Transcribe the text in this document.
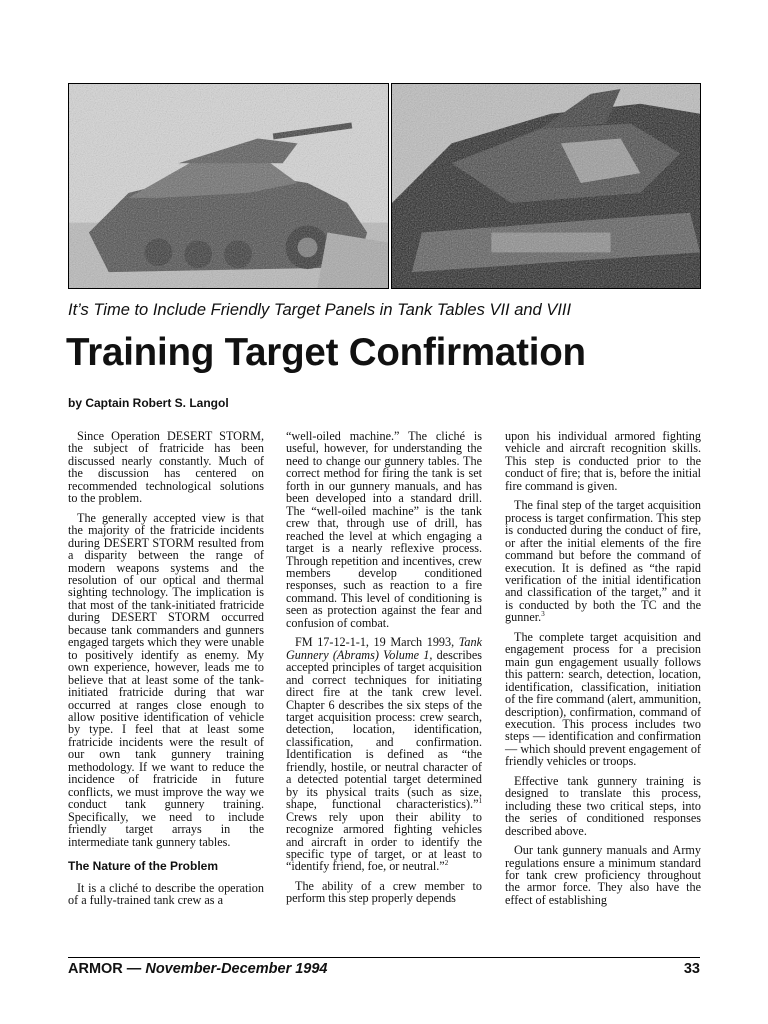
It’s Time to Include Friendly Target Panels in Tank Tables VII and VIII
Training Target Confirmation
by Captain Robert S. Langol

Since Operation DESERT STORM, the subject of fratricide has been discussed nearly constantly. Much of the discussion has centered on recommended technological solutions to the problem.

The generally accepted view is that the majority of the fratricide incidents during DESERT STORM resulted from a disparity between the range of modern weapons systems and the resolution of our optical and thermal sighting technology. The implication is that most of the tank-initiated fratricide during DESERT STORM occurred because tank commanders and gunners engaged targets which they were unable to positively identify as enemy. My own experience, however, leads me to believe that at least some of the tank-initiated fratricide during that war occurred at ranges close enough to allow positive identification of vehicle by type. I feel that at least some fratricide incidents were the result of our own tank gunnery training methodology. If we want to reduce the incidence of fratricide in future conflicts, we must improve the way we conduct tank gunnery training. Specifically, we need to include friendly target arrays in the intermediate tank gunnery tables.

The Nature of the Problem

It is a cliché to describe the operation of a fully-trained tank crew as a

“well-oiled machine.” The cliché is useful, however, for understanding the need to change our gunnery tables. The correct method for firing the tank is set forth in our gunnery manuals, and has been developed into a standard drill. The “well-oiled machine” is the tank crew that, through use of drill, has reached the level at which engaging a target is a nearly reflexive process. Through repetition and incentives, crew members develop conditioned responses, such as reaction to a fire command. This level of conditioning is seen as protection against the fear and confusion of combat.

FM 17-12-1-1, 19 March 1993, Tank Gunnery (Abrams) Volume 1, describes accepted principles of target acquisition and correct techniques for initiating direct fire at the tank crew level. Chapter 6 describes the six steps of the target acquisition process: crew search, detection, location, identification, classification, and confirmation. Identification is defined as “the friendly, hostile, or neutral character of a detected potential target determined by its physical traits (such as size, shape, functional characteristics).”$^1$ Crews rely upon their ability to recognize armored fighting vehicles and aircraft in order to identify the specific type of target, or at least to “identify friend, foe, or neutral.”$^2$

The ability of a crew member to perform this step properly depends

upon his individual armored fighting vehicle and aircraft recognition skills. This step is conducted prior to the conduct of fire; that is, before the initial fire command is given.

The final step of the target acquisition process is target confirmation. This step is conducted during the conduct of fire, or after the initial elements of the fire command but before the command of execution. It is defined as “the rapid verification of the initial identification and classification of the target,” and it is conducted by both the TC and the gunner.$^3$

The complete target acquisition and engagement process for a precision main gun engagement usually follows this pattern: search, detection, location, identification, classification, initiation of the fire command (alert, ammunition, description), confirmation, command of execution. This process includes two steps — identification and confirmation — which should prevent engagement of friendly vehicles or troops.

Effective tank gunnery training is designed to translate this process, including these two critical steps, into the series of conditioned responses described above.

Our tank gunnery manuals and Army regulations ensure a minimum standard for tank crew proficiency throughout the armor force. They also have the effect of establishing

ARMOR — November-December 1994	33
